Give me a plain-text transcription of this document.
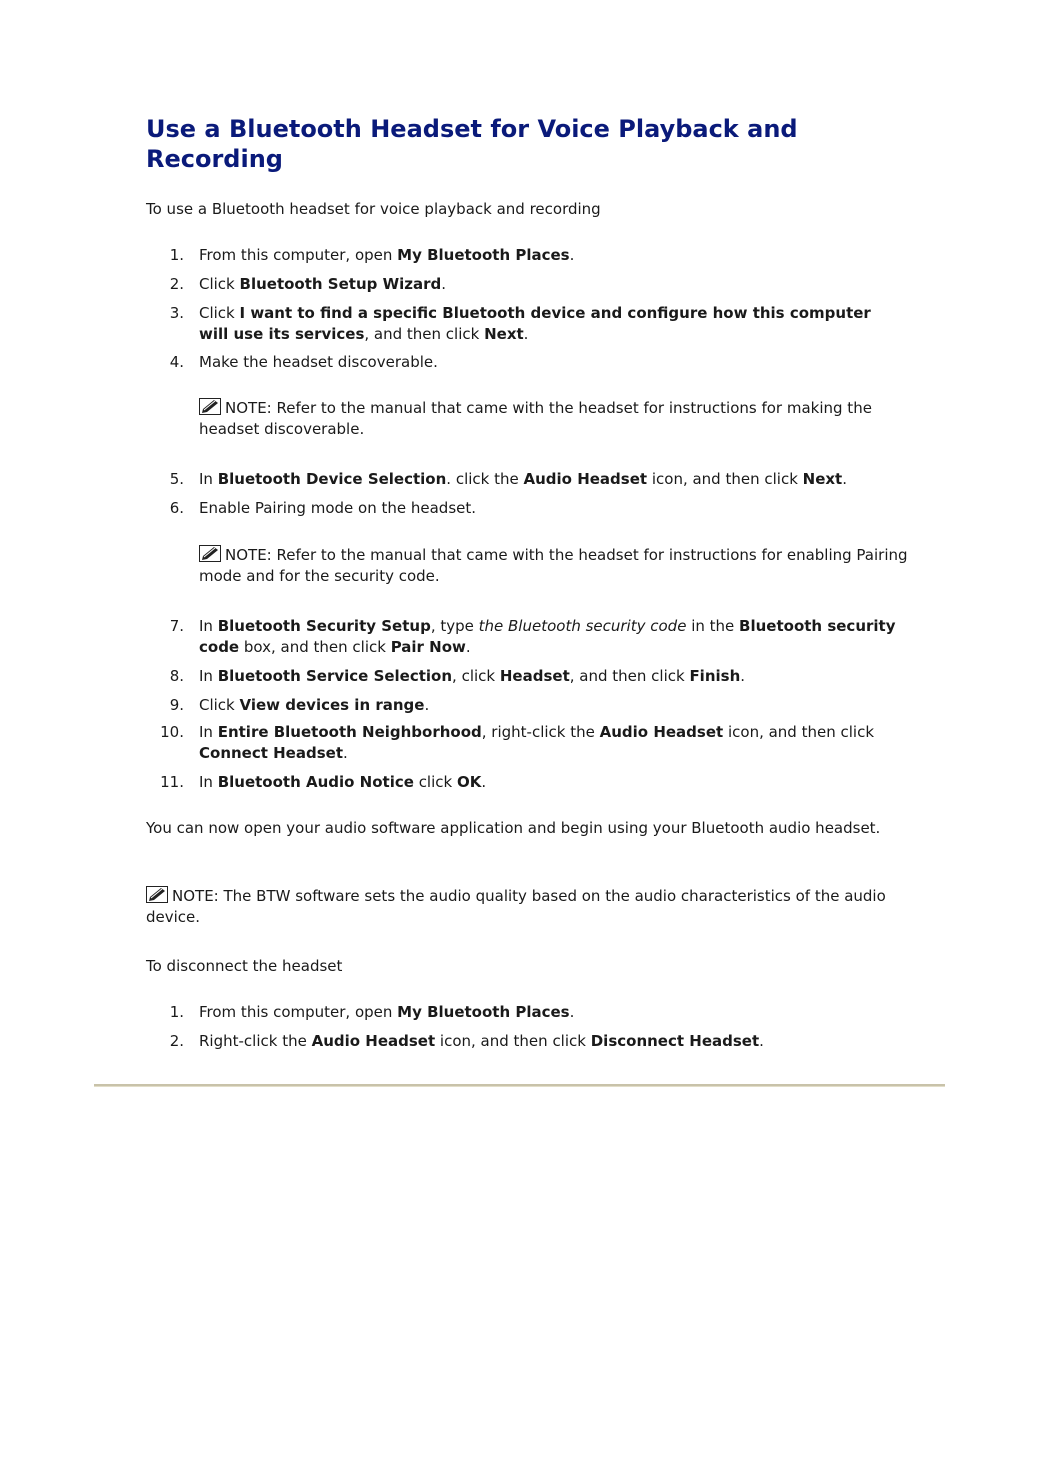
Use a Bluetooth Headset for Voice Playback and Recording

To use a Bluetooth headset for voice playback and recording

1. From this computer, open My Bluetooth Places.
2. Click Bluetooth Setup Wizard.
3. Click I want to find a specific Bluetooth device and configure how this computer will use its services, and then click Next.
4. Make the headset discoverable.
NOTE: Refer to the manual that came with the headset for instructions for making the headset discoverable.
5. In Bluetooth Device Selection. click the Audio Headset icon, and then click Next.
6. Enable Pairing mode on the headset.
NOTE: Refer to the manual that came with the headset for instructions for enabling Pairing mode and for the security code.
7. In Bluetooth Security Setup, type the Bluetooth security code in the Bluetooth security code box, and then click Pair Now.
8. In Bluetooth Service Selection, click Headset, and then click Finish.
9. Click View devices in range.
10. In Entire Bluetooth Neighborhood, right-click the Audio Headset icon, and then click Connect Headset.
11. In Bluetooth Audio Notice click OK.

You can now open your audio software application and begin using your Bluetooth audio headset.

NOTE: The BTW software sets the audio quality based on the audio characteristics of the audio device.

To disconnect the headset

1. From this computer, open My Bluetooth Places.
2. Right-click the Audio Headset icon, and then click Disconnect Headset.
